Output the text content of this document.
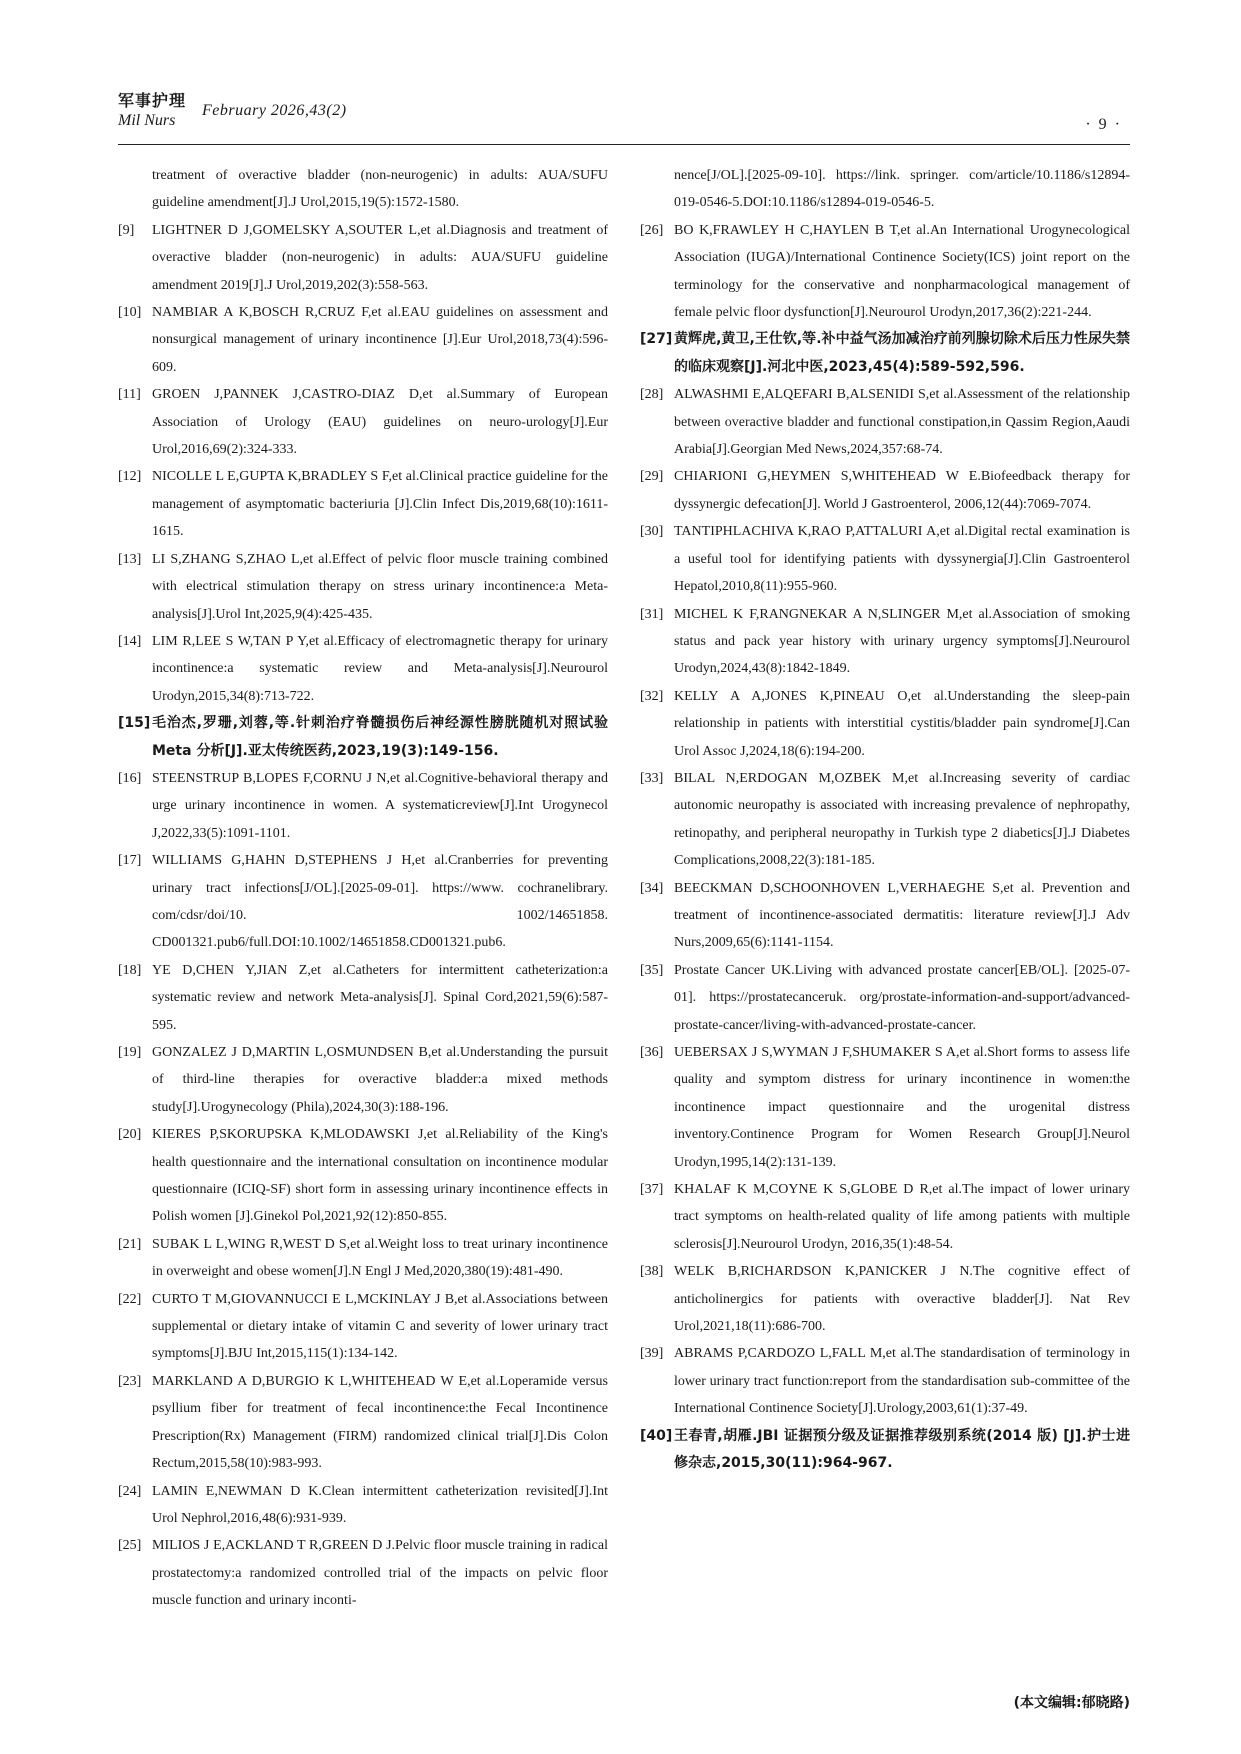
军事护理
Mil Nurs
February 2026,43(2)
· 9 ·
treatment of overactive bladder (non-neurogenic) in adults: AUA/SUFU guideline amendment[J].J Urol,2015,19(5):1572-1580.
[9] LIGHTNER D J,GOMELSKY A,SOUTER L,et al.Diagnosis and treatment of overactive bladder (non-neurogenic) in adults: AUA/SUFU guideline amendment 2019[J].J Urol,2019,202(3):558-563.
[10] NAMBIAR A K,BOSCH R,CRUZ F,et al.EAU guidelines on assessment and nonsurgical management of urinary incontinence [J].Eur Urol,2018,73(4):596-609.
[11] GROEN J,PANNEK J,CASTRO-DIAZ D,et al.Summary of European Association of Urology (EAU) guidelines on neuro-urology[J].Eur Urol,2016,69(2):324-333.
[12] NICOLLE L E,GUPTA K,BRADLEY S F,et al.Clinical practice guideline for the management of asymptomatic bacteriuria [J].Clin Infect Dis,2019,68(10):1611-1615.
[13] LI S,ZHANG S,ZHAO L,et al.Effect of pelvic floor muscle training combined with electrical stimulation therapy on stress urinary incontinence:a Meta-analysis[J].Urol Int,2025,9(4):425-435.
[14] LIM R,LEE S W,TAN P Y,et al.Efficacy of electromagnetic therapy for urinary incontinence:a systematic review and Meta-analysis[J].Neurourol Urodyn,2015,34(8):713-722.
[15] 毛治杰,罗珊,刘蓉,等.针刺治疗脊髓损伤后神经源性膀胱随机对照试验 Meta 分析[J].亚太传统医药,2023,19(3):149-156.
[16] STEENSTRUP B,LOPES F,CORNU J N,et al.Cognitive-behavioral therapy and urge urinary incontinence in women. A systematicreview[J].Int Urogynecol J,2022,33(5):1091-1101.
[17] WILLIAMS G,HAHN D,STEPHENS J H,et al.Cranberries for preventing urinary tract infections[J/OL].[2025-09-01]. https://www. cochranelibrary. com/cdsr/doi/10. 1002/14651858. CD001321.pub6/full.DOI:10.1002/14651858.CD001321.pub6.
[18] YE D,CHEN Y,JIAN Z,et al.Catheters for intermittent catheterization:a systematic review and network Meta-analysis[J]. Spinal Cord,2021,59(6):587-595.
[19] GONZALEZ J D,MARTIN L,OSMUNDSEN B,et al.Understanding the pursuit of third-line therapies for overactive bladder:a mixed methods study[J].Urogynecology (Phila),2024,30(3):188-196.
[20] KIERES P,SKORUPSKA K,MLODAWSKI J,et al.Reliability of the King's health questionnaire and the international consultation on incontinence modular questionnaire (ICIQ-SF) short form in assessing urinary incontinence effects in Polish women [J].Ginekol Pol,2021,92(12):850-855.
[21] SUBAK L L,WING R,WEST D S,et al.Weight loss to treat urinary incontinence in overweight and obese women[J].N Engl J Med,2020,380(19):481-490.
[22] CURTO T M,GIOVANNUCCI E L,MCKINLAY J B,et al.Associations between supplemental or dietary intake of vitamin C and severity of lower urinary tract symptoms[J].BJU Int,2015,115(1):134-142.
[23] MARKLAND A D,BURGIO K L,WHITEHEAD W E,et al.Loperamide versus psyllium fiber for treatment of fecal incontinence:the Fecal Incontinence Prescription(Rx) Management (FIRM) randomized clinical trial[J].Dis Colon Rectum,2015,58(10):983-993.
[24] LAMIN E,NEWMAN D K.Clean intermittent catheterization revisited[J].Int Urol Nephrol,2016,48(6):931-939.
[25] MILIOS J E,ACKLAND T R,GREEN D J.Pelvic floor muscle training in radical prostatectomy:a randomized controlled trial of the impacts on pelvic floor muscle function and urinary inconti-
nence[J/OL].[2025-09-10]. https://link. springer. com/article/10.1186/s12894-019-0546-5.DOI:10.1186/s12894-019-0546-5.
[26] BO K,FRAWLEY H C,HAYLEN B T,et al.An International Urogynecological Association (IUGA)/International Continence Society(ICS) joint report on the terminology for the conservative and nonpharmacological management of female pelvic floor dysfunction[J].Neurourol Urodyn,2017,36(2):221-244.
[27] 黄辉虎,黄卫,王仕钦,等.补中益气汤加减治疗前列腺切除术后压力性尿失禁的临床观察[J].河北中医,2023,45(4):589-592,596.
[28] ALWASHMI E,ALQEFARI B,ALSENIDI S,et al.Assessment of the relationship between overactive bladder and functional constipation,in Qassim Region,Aaudi Arabia[J].Georgian Med News,2024,357:68-74.
[29] CHIARIONI G,HEYMEN S,WHITEHEAD W E.Biofeedback therapy for dyssynergic defecation[J]. World J Gastroenterol, 2006,12(44):7069-7074.
[30] TANTIPHLACHIVA K,RAO P,ATTALURI A,et al.Digital rectal examination is a useful tool for identifying patients with dyssynergia[J].Clin Gastroenterol Hepatol,2010,8(11):955-960.
[31] MICHEL K F,RANGNEKAR A N,SLINGER M,et al.Association of smoking status and pack year history with urinary urgency symptoms[J].Neurourol Urodyn,2024,43(8):1842-1849.
[32] KELLY A A,JONES K,PINEAU O,et al.Understanding the sleep-pain relationship in patients with interstitial cystitis/bladder pain syndrome[J].Can Urol Assoc J,2024,18(6):194-200.
[33] BILAL N,ERDOGAN M,OZBEK M,et al.Increasing severity of cardiac autonomic neuropathy is associated with increasing prevalence of nephropathy, retinopathy, and peripheral neuropathy in Turkish type 2 diabetics[J].J Diabetes Complications,2008,22(3):181-185.
[34] BEECKMAN D,SCHOONHOVEN L,VERHAEGHE S,et al. Prevention and treatment of incontinence-associated dermatitis: literature review[J].J Adv Nurs,2009,65(6):1141-1154.
[35] Prostate Cancer UK.Living with advanced prostate cancer[EB/OL]. [2025-07-01]. https://prostatecanceruk. org/prostate-information-and-support/advanced-prostate-cancer/living-with-advanced-prostate-cancer.
[36] UEBERSAX J S,WYMAN J F,SHUMAKER S A,et al.Short forms to assess life quality and symptom distress for urinary incontinence in women:the incontinence impact questionnaire and the urogenital distress inventory.Continence Program for Women Research Group[J].Neurol Urodyn,1995,14(2):131-139.
[37] KHALAF K M,COYNE K S,GLOBE D R,et al.The impact of lower urinary tract symptoms on health-related quality of life among patients with multiple sclerosis[J].Neurourol Urodyn, 2016,35(1):48-54.
[38] WELK B,RICHARDSON K,PANICKER J N.The cognitive effect of anticholinergics for patients with overactive bladder[J]. Nat Rev Urol,2021,18(11):686-700.
[39] ABRAMS P,CARDOZO L,FALL M,et al.The standardisation of terminology in lower urinary tract function:report from the standardisation sub-committee of the International Continence Society[J].Urology,2003,61(1):37-49.
[40] 王春青,胡雁.JBI 证据预分级及证据推荐级别系统(2014 版) [J].护士进修杂志,2015,30(11):964-967.
(本文编辑:郁晓路)
